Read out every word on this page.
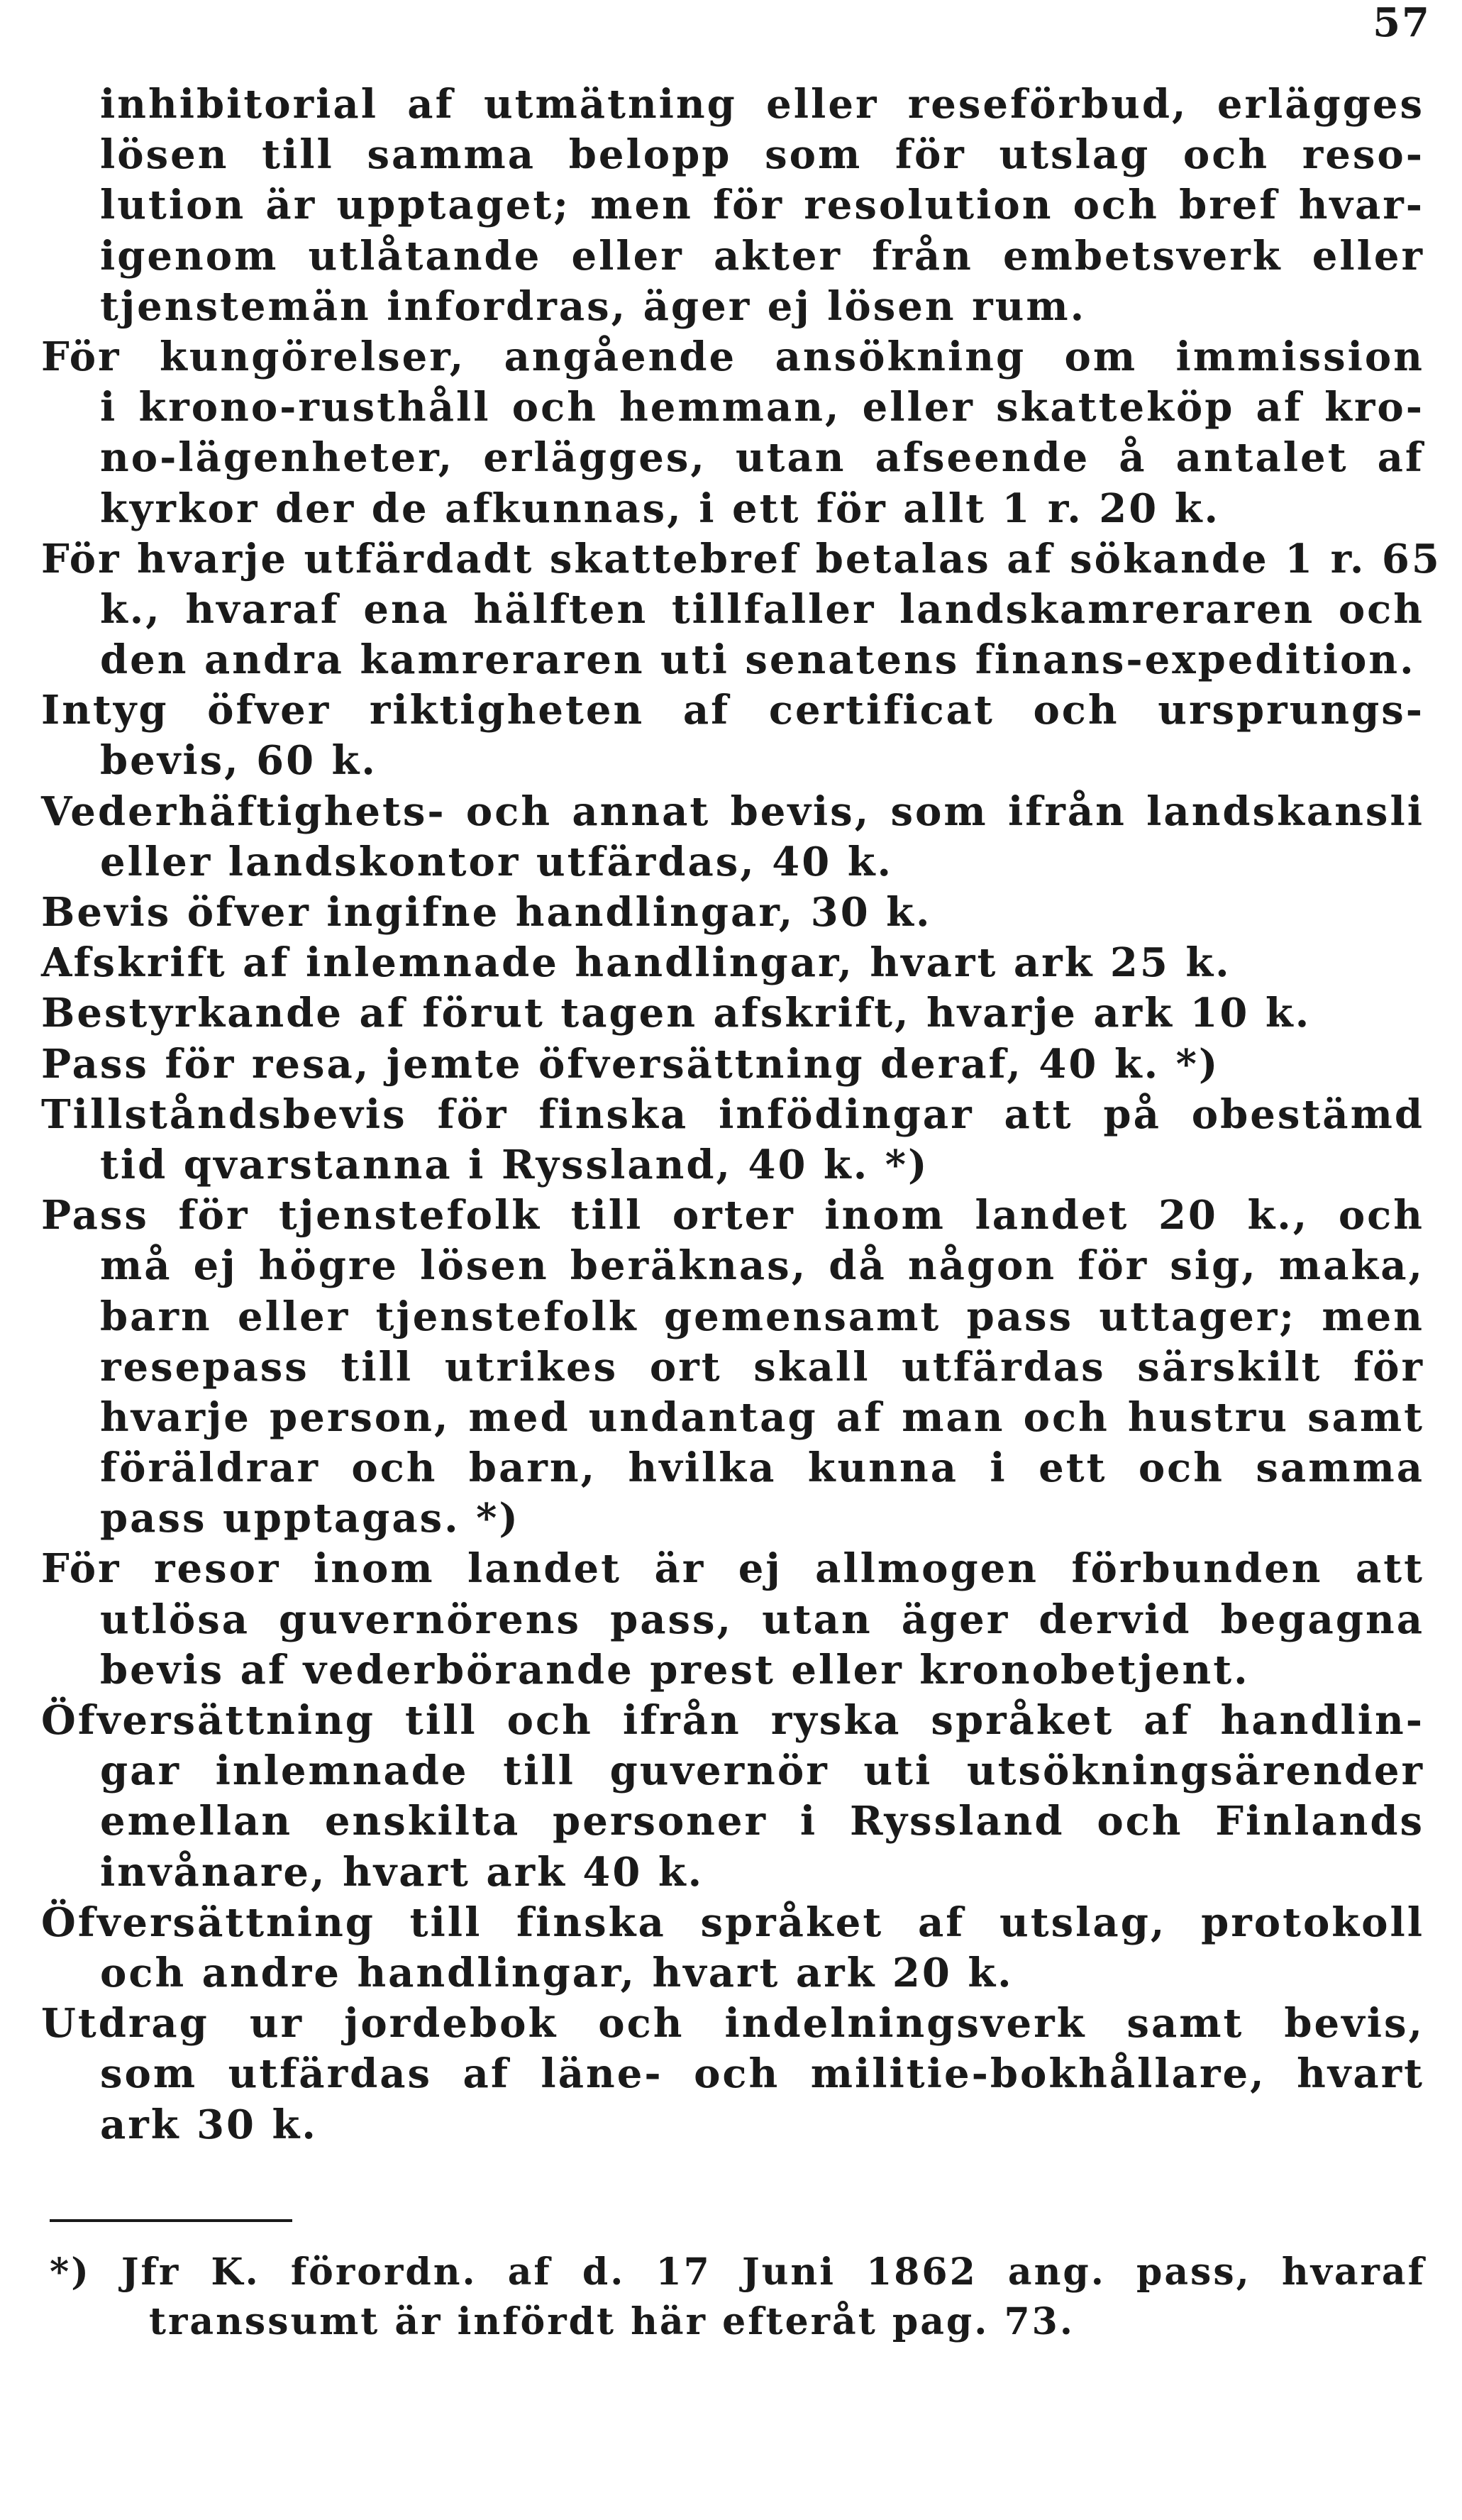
57
inhibitorial af utmätning eller reseförbud, erlägges
lösen till samma belopp som för utslag och reso-
lution är upptaget; men för resolution och bref hvar-
igenom utlåtande eller akter från embetsverk eller
tjenstemän infordras, äger ej lösen rum.
För kungörelser, angående ansökning om immission
i krono-rusthåll och hemman, eller skatteköp af kro-
no-lägenheter, erlägges, utan afseende å antalet af
kyrkor der de afkunnas, i ett för allt 1 r. 20 k.
För hvarje utfärdadt skattebref betalas af sökande 1 r. 65
k., hvaraf ena hälften tillfaller landskamreraren och
den andra kamreraren uti senatens finans-expedition.
Intyg öfver riktigheten af certificat och ursprungs-
bevis, 60 k.
Vederhäftighets- och annat bevis, som ifrån landskansli
eller landskontor utfärdas, 40 k.
Bevis öfver ingifne handlingar, 30 k.
Afskrift af inlemnade handlingar, hvart ark 25 k.
Bestyrkande af förut tagen afskrift, hvarje ark 10 k.
Pass för resa, jemte öfversättning deraf, 40 k. *)
Tillståndsbevis för finska infödingar att på obestämd
tid qvarstanna i Ryssland, 40 k. *)
Pass för tjenstefolk till orter inom landet 20 k., och
må ej högre lösen beräknas, då någon för sig, maka,
barn eller tjenstefolk gemensamt pass uttager; men
resepass till utrikes ort skall utfärdas särskilt för
hvarje person, med undantag af man och hustru samt
föräldrar och barn, hvilka kunna i ett och samma
pass upptagas. *)
För resor inom landet är ej allmogen förbunden att
utlösa guvernörens pass, utan äger dervid begagna
bevis af vederbörande prest eller kronobetjent.
Öfversättning till och ifrån ryska språket af handlin-
gar inlemnade till guvernör uti utsökningsärender
emellan enskilta personer i Ryssland och Finlands
invånare, hvart ark 40 k.
Öfversättning till finska språket af utslag, protokoll
och andre handlingar, hvart ark 20 k.
Utdrag ur jordebok och indelningsverk samt bevis,
som utfärdas af läne- och militie-bokhållare, hvart
ark 30 k.
*) Jfr K. förordn. af d. 17 Juni 1862 ang. pass, hvaraf
transsumt är infördt här efteråt pag. 73.
